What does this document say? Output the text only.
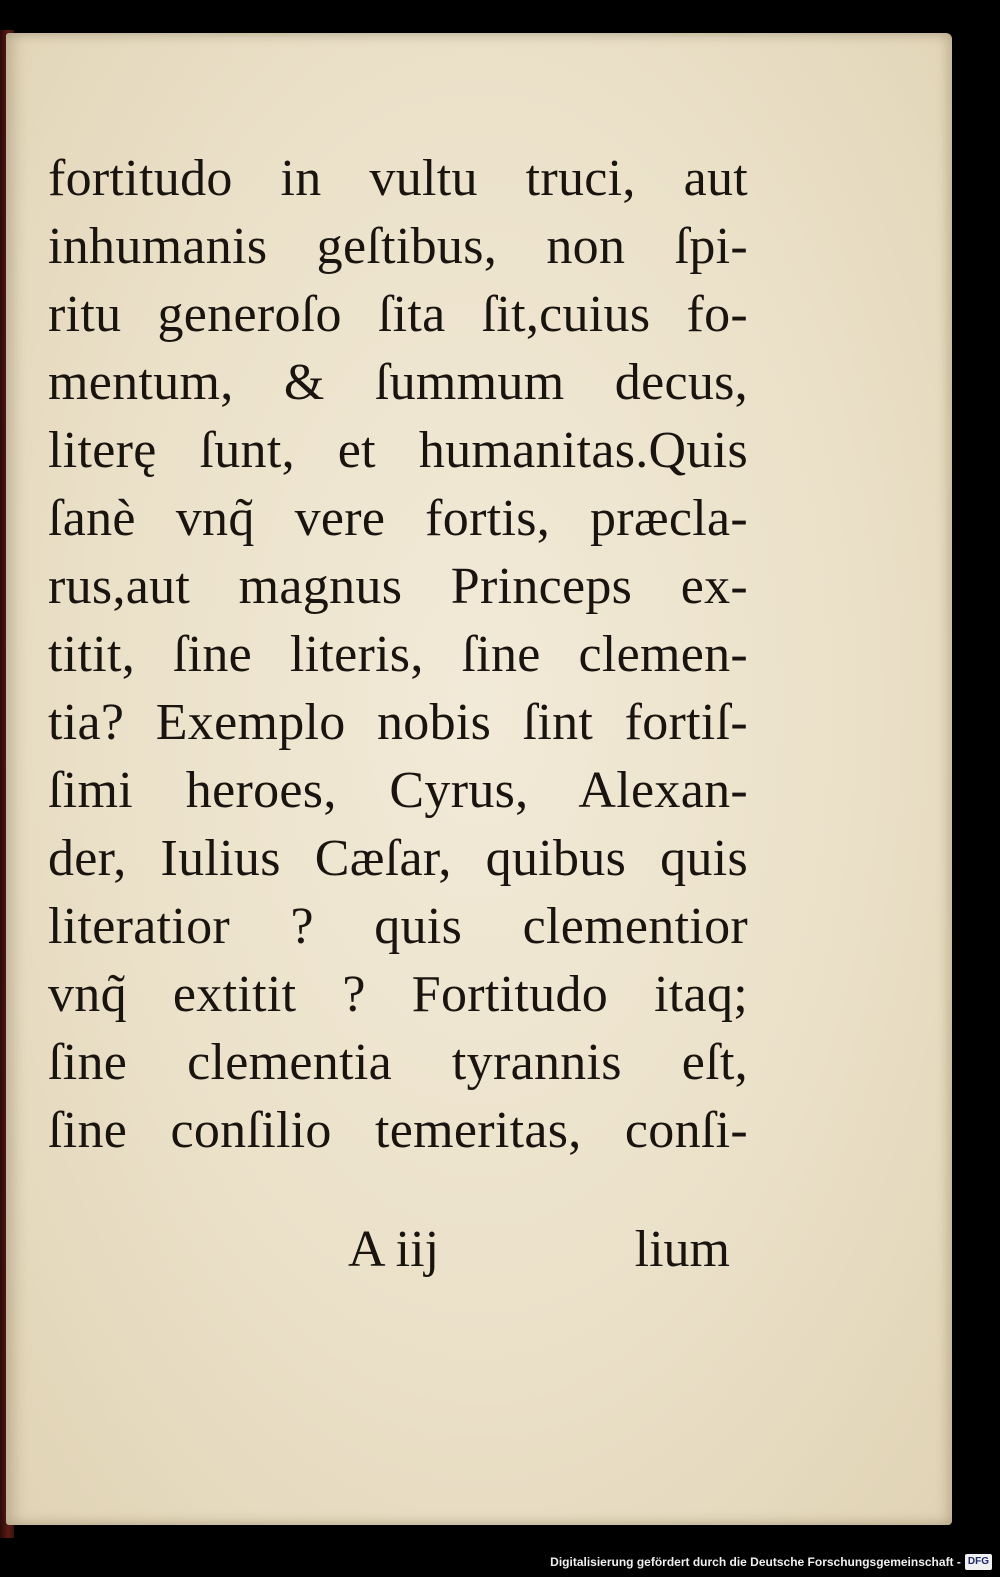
fortitudo in vultu truci, aut
inhumanis geſtibus, non ſpi-
ritu generoſo ſita ſit,cuius fo-
mentum, & ſummum decus,
literę ſunt, et humanitas.Quis
ſanè vnq̃ vere fortis, præcla-
rus,aut magnus Princeps ex-
titit, ſine literis, ſine clemen-
tia? Exemplo nobis ſint fortiſ-
ſimi heroes, Cyrus, Alexan-
der, Iulius Cæſar, quibus quis
literatior ? quis clementior
vnq̃ extitit ? Fortitudo itaq;
ſine clementia tyrannis eſt,
ſine conſilio temeritas, conſi-
A iij	lium
Digitalisierung gefördert durch die Deutsche Forschungsgemeinschaft - DFG
